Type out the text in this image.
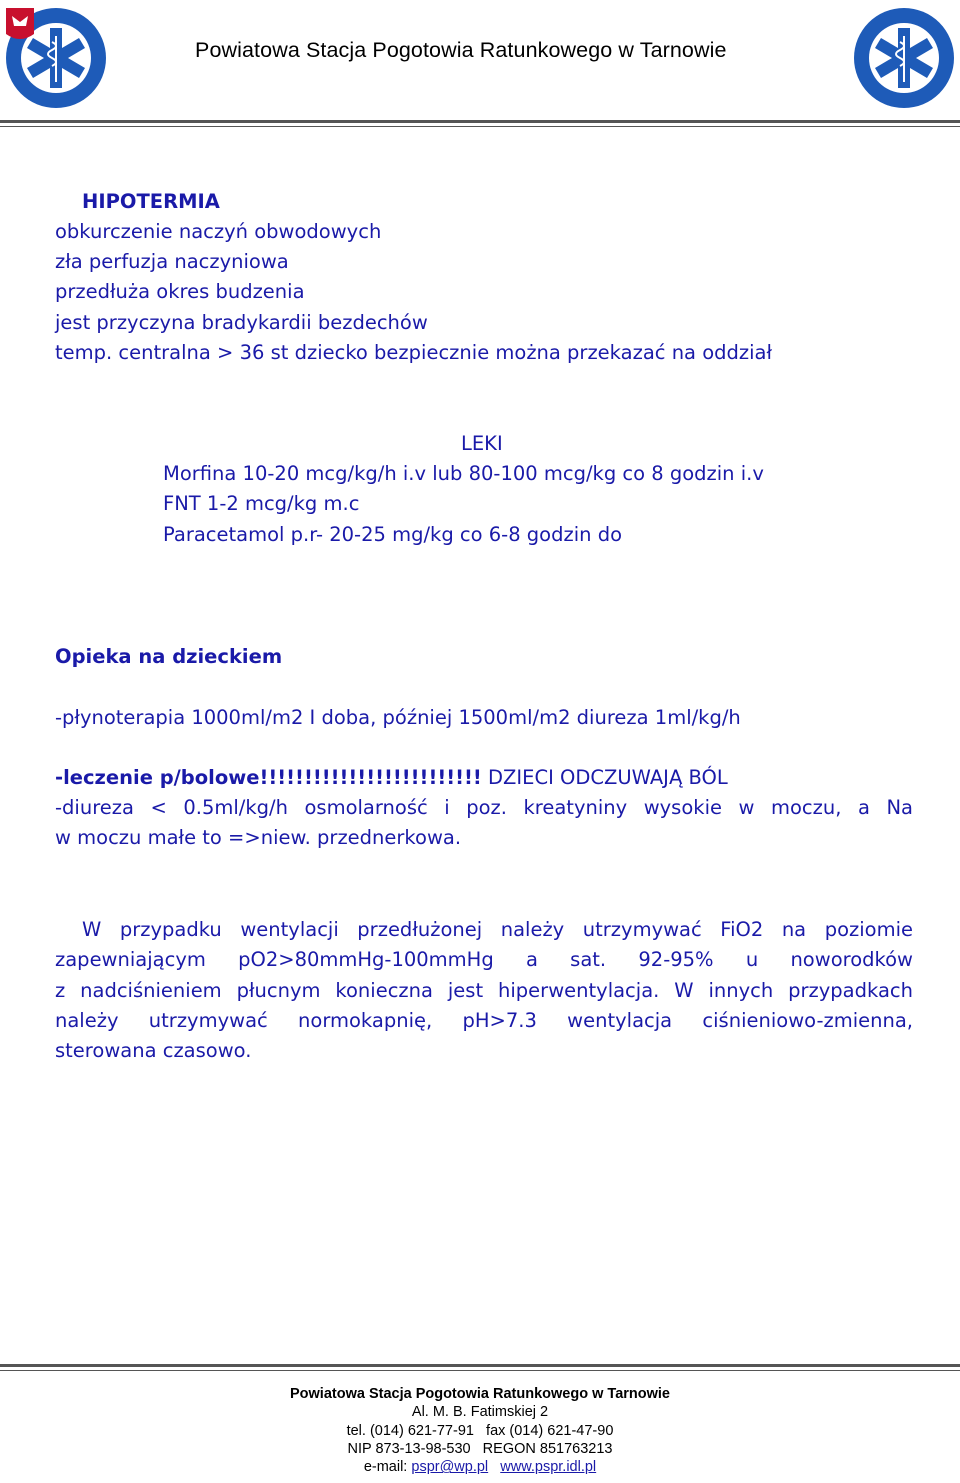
Powiatowa Stacja Pogotowia Ratunkowego w Tarnowie
HIPOTERMIA
obkurczenie naczyń obwodowych
zła perfuzja naczyniowa
przedłuża okres budzenia
jest przyczyna bradykardii bezdechów
temp. centralna > 36 st dziecko bezpiecznie można przekazać na oddział
LEKI
Morfina 10-20 mcg/kg/h i.v lub 80-100 mcg/kg co 8 godzin i.v
FNT 1-2 mcg/kg m.c
Paracetamol p.r- 20-25 mg/kg co 6-8 godzin do
Opieka na dzieckiem
-płynoterapia 1000ml/m2 I doba, później 1500ml/m2 diureza 1ml/kg/h
-leczenie p/bolowe!!!!!!!!!!!!!!!!!!!!!!!!! DZIECI ODCZUWAJĄ BÓL
-diureza < 0.5ml/kg/h osmolarność i poz. kreatyniny wysokie w moczu, a Na
w moczu małe to =>niew. przednerkowa.
W przypadku wentylacji przedłużonej należy utrzymywać FiO2 na poziomie
zapewniającym pO2>80mmHg-100mmHg a sat. 92-95% u noworodków
z nadciśnieniem płucnym konieczna jest hiperwentylacja. W innych przypadkach
należy utrzymywać normokapnię, pH>7.3 wentylacja ciśnieniowo-zmienna,
sterowana czasowo.
Powiatowa Stacja Pogotowia Ratunkowego w Tarnowie
Al. M. B. Fatimskiej 2
tel. (014) 621-77-91   fax (014) 621-47-90
NIP 873-13-98-530   REGON 851763213
e-mail: pspr@wp.pl www.pspr.idl.pl
